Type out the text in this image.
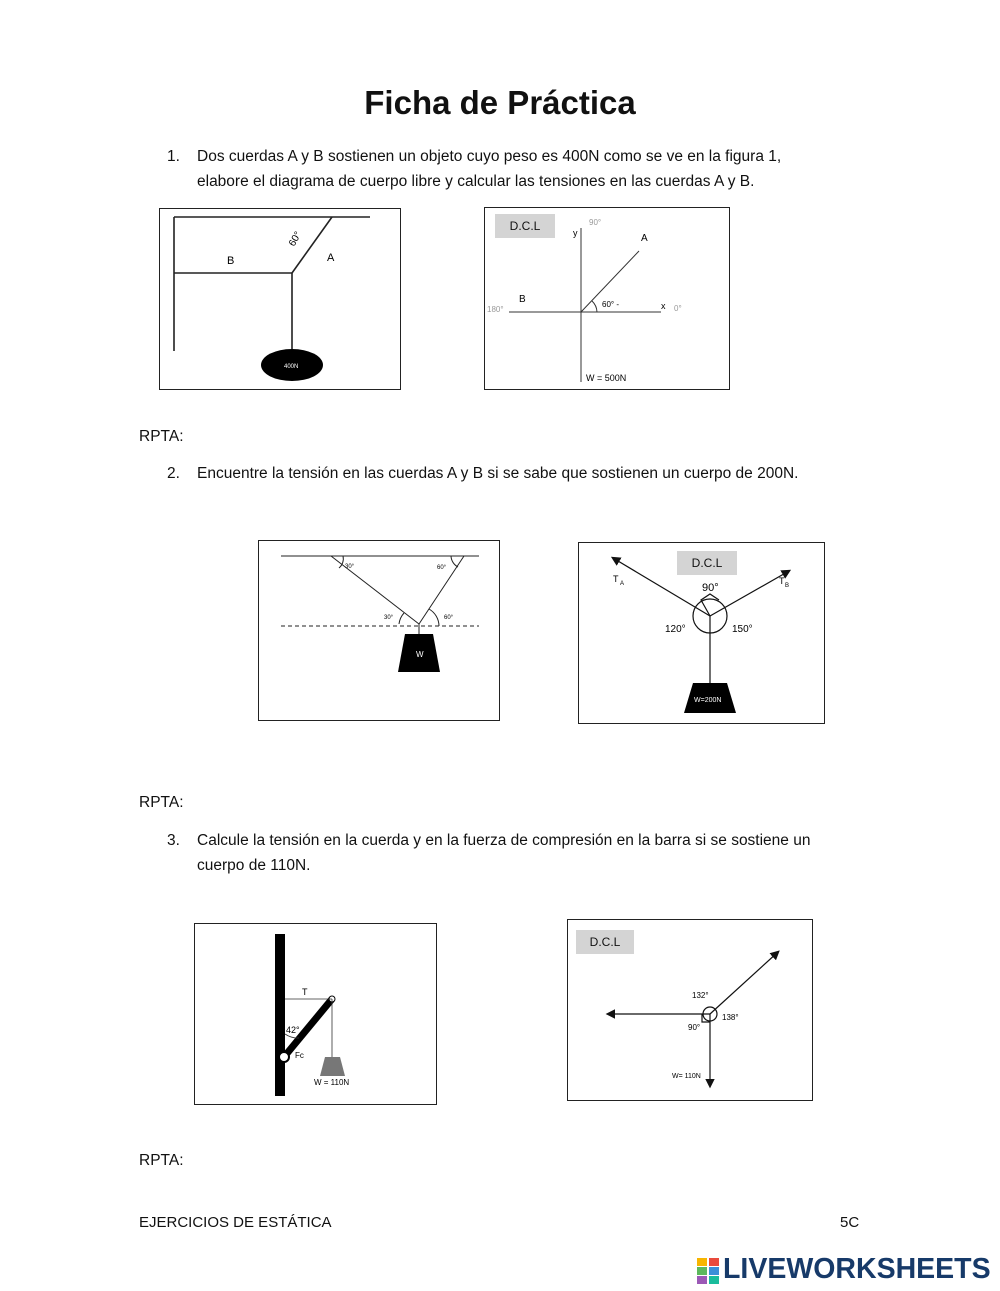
Ficha de Práctica
1. Dos cuerdas A y B sostienen un objeto cuyo peso es 400N como se ve en la figura 1,
elabore el diagrama de cuerpo libre y calcular las tensiones en las cuerdas A y B.
60°
B	A
400N
D.C.L	y
90°
A
B
180°
60° -	x 0°
W = 500N
RPTA:
2. Encuentre la tensión en las cuerdas A y B si se sabe que sostienen un cuerpo de 200N.
30°	60°
30°	60°
W
D.C.L
T A	T B
90°
120°	150°
W=200N
RPTA:
3. Calcule la tensión en la cuerda y en la fuerza de compresión en la barra si se sostiene un
cuerpo de 110N.
T
42°
Fc
W = 110N
D.C.L
132°
138°
90°
W= 110N
RPTA:
EJERCICIOS DE ESTÁTICA	5C
LIVEWORKSHEETS
